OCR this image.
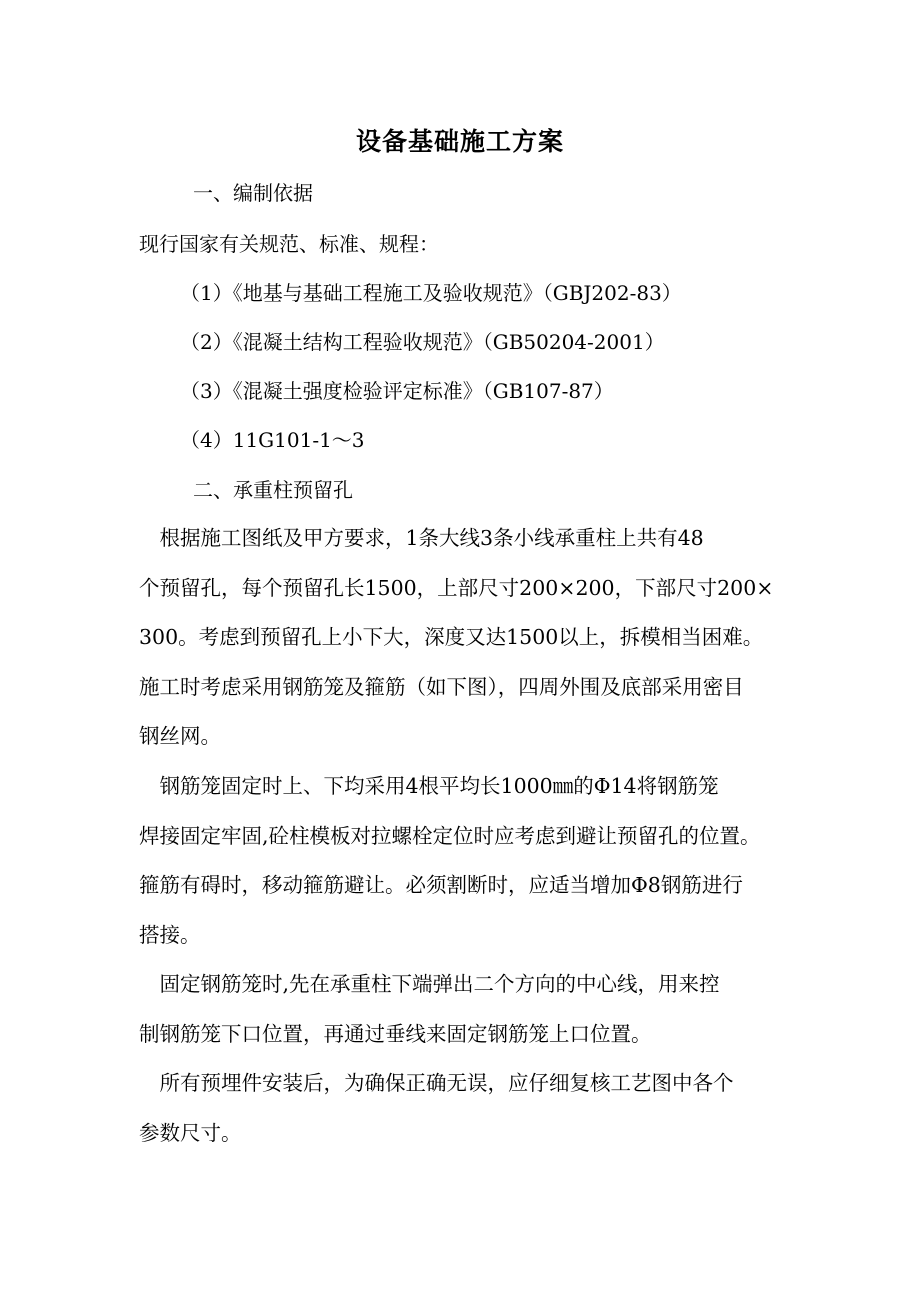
设备基础施工方案
一、编制依据
现行国家有关规范、标准、规程：
（1）《地基与基础工程施工及验收规范》（GBJ202-83）
（2）《混凝土结构工程验收规范》（GB50204-2001）
（3）《混凝土强度检验评定标准》（GB107-87）
（4）11G101-1～3
二、承重柱预留孔
　根据施工图纸及甲方要求，1条大线3条小线承重柱上共有48
个预留孔，每个预留孔长1500，上部尺寸200×200，下部尺寸200×
300。考虑到预留孔上小下大，深度又达1500以上，拆模相当困难。
施工时考虑采用钢筋笼及箍筋（如下图），四周外围及底部采用密目
钢丝网。
　钢筋笼固定时上、下均采用4根平均长1000㎜的Φ14将钢筋笼
焊接固定牢固,砼柱模板对拉螺栓定位时应考虑到避让预留孔的位置。
箍筋有碍时，移动箍筋避让。必须割断时，应适当增加Φ8钢筋进行
搭接。
　固定钢筋笼时,先在承重柱下端弹出二个方向的中心线，用来控
制钢筋笼下口位置，再通过垂线来固定钢筋笼上口位置。
　所有预埋件安装后，为确保正确无误，应仔细复核工艺图中各个
参数尺寸。
